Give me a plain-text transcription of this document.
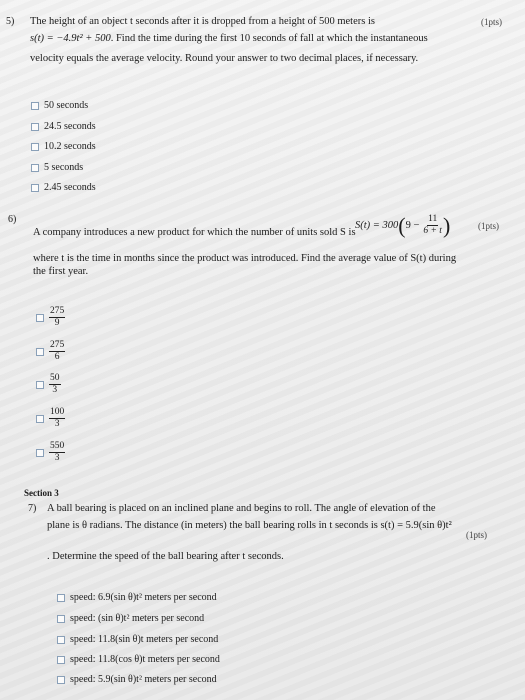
5)	(1pts)
The height of an object t seconds after it is dropped from a height of 500 meters is
s(t) = −4.9t² + 500. Find the time during the first 10 seconds of fall at which the instantaneous
velocity equals the average velocity. Round your answer to two decimal places, if necessary.
50 seconds
24.5 seconds
10.2 seconds
5 seconds
2.45 seconds
6)
(1pts)
A company introduces a new product for which the number of units sold S is
S(t) = 300 ( $9 - \frac{11}{6 + t}$ )
where t is the time in months since the product was introduced. Find the average value of S(t) during
the first year.
$\frac{275}{9}$
$\frac{275}{6}$
$\frac{50}{3}$
$\frac{100}{3}$
$\frac{550}{3}$
Section 3
7)
(1pts)
A ball bearing is placed on an inclined plane and begins to roll. The angle of elevation of the
plane is θ radians. The distance (in meters) the ball bearing rolls in t seconds is s(t) = 5.9(sin θ)t²
. Determine the speed of the ball bearing after t seconds.
speed: 6.9(sin θ)t² meters per second
speed: (sin θ)t² meters per second
speed: 11.8(sin θ)t meters per second
speed: 11.8(cos θ)t meters per second
speed: 5.9(sin θ)t² meters per second
